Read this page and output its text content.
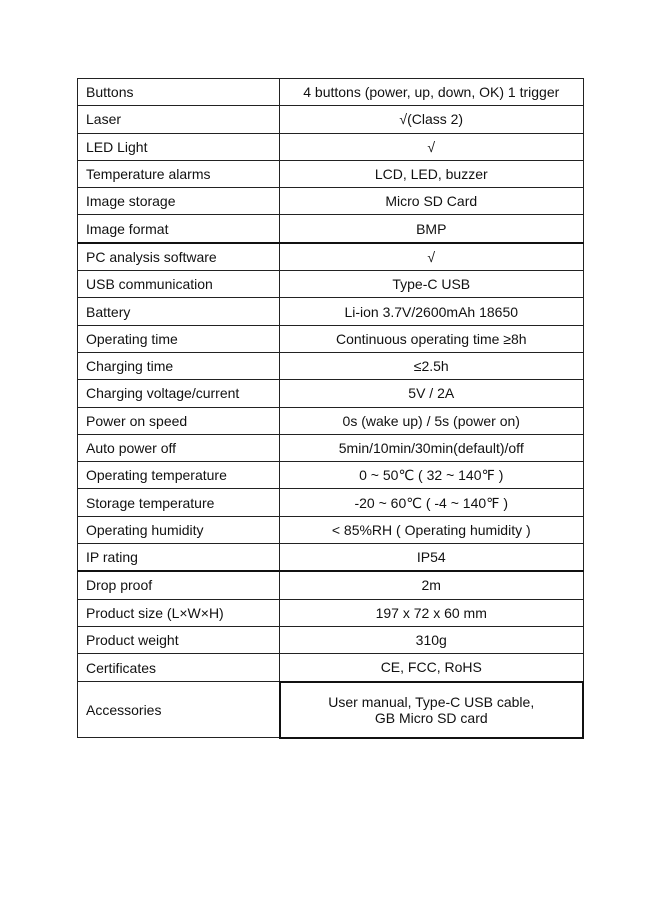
Buttons	4 buttons (power, up, down, OK) 1 trigger
Laser	√(Class 2)
LED Light	√
Temperature alarms	LCD, LED, buzzer
Image storage	Micro SD Card
Image format	BMP
PC analysis software	√
USB communication	Type-C USB
Battery	Li-ion 3.7V/2600mAh 18650
Operating time	Continuous operating time ≥8h
Charging time	≤2.5h
Charging voltage/current	5V / 2A
Power on speed	0s (wake up) / 5s (power on)
Auto power off	5min/10min/30min(default)/off
Operating temperature	0 ~ 50℃ ( 32 ~ 140℉ )
Storage temperature	-20 ~ 60℃ ( -4 ~ 140℉ )
Operating humidity	< 85%RH ( Operating humidity )
IP rating	IP54
Drop proof	2m
Product size (L×W×H)	197 x 72 x 60 mm
Product weight	310g
Certificates	CE, FCC, RoHS
Accessories	User manual, Type-C USB cable,
GB Micro SD card
